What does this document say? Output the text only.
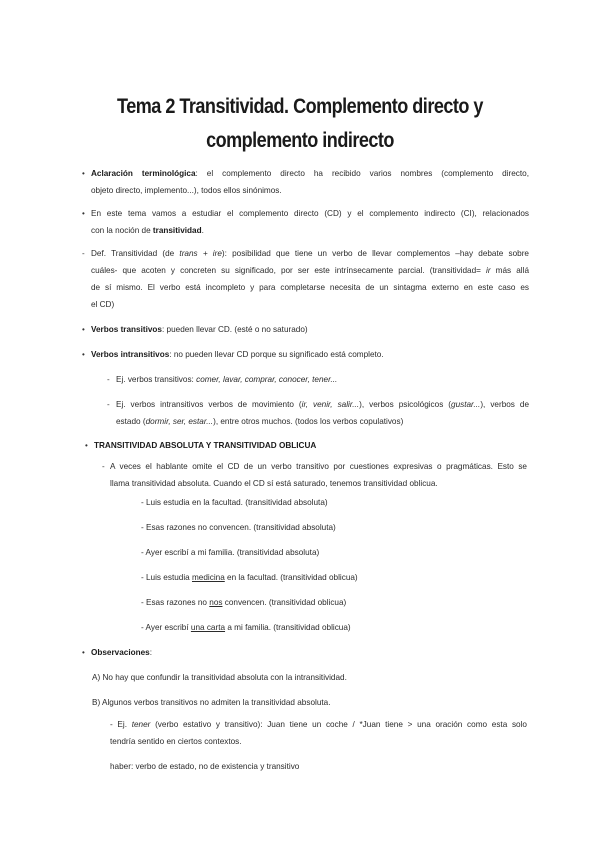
Tema 2 Transitividad. Complemento directo y
complemento indirecto
• Aclaración terminológica: el complemento directo ha recibido varios nombres (complemento directo,
objeto directo, implemento...), todos ellos sinónimos.
• En este tema vamos a estudiar el complemento directo (CD) y el complemento indirecto (CI), relacionados
con la noción de transitividad.
- Def. Transitividad (de trans + ire): posibilidad que tiene un verbo de llevar complementos –hay debate sobre
cuáles- que acoten y concreten su significado, por ser este intrínsecamente parcial. (transitividad= ir más allá
de sí mismo. El verbo está incompleto y para completarse necesita de un sintagma externo en este caso es
el CD)
• Verbos transitivos: pueden llevar CD. (esté o no saturado)
• Verbos intransitivos: no pueden llevar CD porque su significado está completo.
- Ej. verbos transitivos: comer, lavar, comprar, conocer, tener...
- Ej. verbos intransitivos verbos de movimiento (ir, venir, salir...), verbos psicológicos (gustar...), verbos de
estado (dormir, ser, estar...), entre otros muchos. (todos los verbos copulativos)
• TRANSITIVIDAD ABSOLUTA Y TRANSITIVIDAD OBLICUA
- A veces el hablante omite el CD de un verbo transitivo por cuestiones expresivas o pragmáticas. Esto se
llama transitividad absoluta. Cuando el CD sí está saturado, tenemos transitividad oblicua.
- Luis estudia en la facultad. (transitividad absoluta)
- Esas razones no convencen. (transitividad absoluta)
- Ayer escribí a mi familia. (transitividad absoluta)
- Luis estudia medicina en la facultad. (transitividad oblicua)
- Esas razones no nos convencen. (transitividad oblicua)
- Ayer escribí una carta a mi familia. (transitividad oblicua)
• Observaciones:
A) No hay que confundir la transitividad absoluta con la intransitividad.
B) Algunos verbos transitivos no admiten la transitividad absoluta.
- Ej. tener (verbo estativo y transitivo): Juan tiene un coche / *Juan tiene > una oración como esta solo
tendría sentido en ciertos contextos.
haber: verbo de estado, no de existencia y transitivo
